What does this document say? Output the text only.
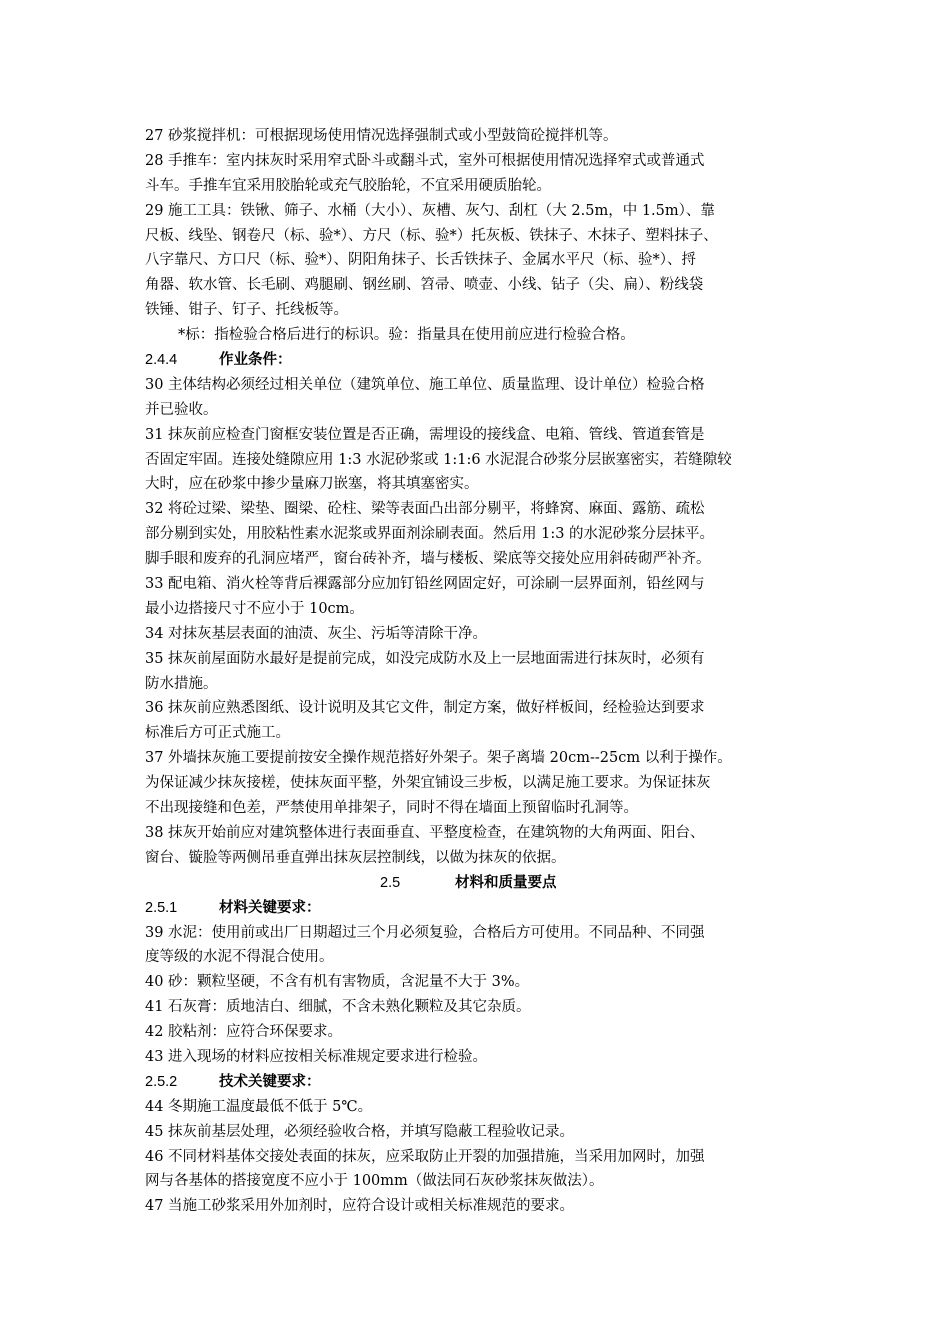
27 砂浆搅拌机：可根据现场使用情况选择强制式或小型鼓筒砼搅拌机等。
28 手推车：室内抹灰时采用窄式卧斗或翻斗式，室外可根据使用情况选择窄式或普通式
斗车。手推车宜采用胶胎轮或充气胶胎轮，不宜采用硬质胎轮。
29 施工工具：铁锹、筛子、水桶（大小）、灰槽、灰勺、刮杠（大 2.5m，中 1.5m）、靠
尺板、线坠、钢卷尺（标、验*）、方尺（标、验*）托灰板、铁抹子、木抹子、塑料抹子、
八字靠尺、方口尺（标、验*）、阴阳角抹子、长舌铁抹子、金属水平尺（标、验*）、捋
角器、软水管、长毛刷、鸡腿刷、钢丝刷、笤帚、喷壶、小线、钻子（尖、扁）、粉线袋
铁锤、钳子、钉子、托线板等。
*标：指检验合格后进行的标识。验：指量具在使用前应进行检验合格。
2.4.4	作业条件：
30 主体结构必须经过相关单位（建筑单位、施工单位、质量监理、设计单位）检验合格
并已验收。
31 抹灰前应检查门窗框安装位置是否正确，需埋设的接线盒、电箱、管线、管道套管是
否固定牢固。连接处缝隙应用 1:3 水泥砂浆或 1:1:6 水泥混合砂浆分层嵌塞密实，若缝隙较
大时，应在砂浆中掺少量麻刀嵌塞，将其填塞密实。
32 将砼过梁、梁垫、圈梁、砼柱、梁等表面凸出部分剔平，将蜂窝、麻面、露筋、疏松
部分剔到实处，用胶粘性素水泥浆或界面剂涂刷表面。然后用 1:3 的水泥砂浆分层抹平。
脚手眼和废弃的孔洞应堵严，窗台砖补齐，墙与楼板、梁底等交接处应用斜砖砌严补齐。
33 配电箱、消火栓等背后裸露部分应加钉铅丝网固定好，可涂刷一层界面剂，铅丝网与
最小边搭接尺寸不应小于 10cm。
34 对抹灰基层表面的油渍、灰尘、污垢等清除干净。
35 抹灰前屋面防水最好是提前完成，如没完成防水及上一层地面需进行抹灰时，必须有
防水措施。
36 抹灰前应熟悉图纸、设计说明及其它文件，制定方案，做好样板间，经检验达到要求
标准后方可正式施工。
37 外墙抹灰施工要提前按安全操作规范搭好外架子。架子离墙 20cm--25cm 以利于操作。
为保证减少抹灰接槎，使抹灰面平整，外架宜铺设三步板，以满足施工要求。为保证抹灰
不出现接缝和色差，严禁使用单排架子，同时不得在墙面上预留临时孔洞等。
38 抹灰开始前应对建筑整体进行表面垂直、平整度检查，在建筑物的大角两面、阳台、
窗台、镟脸等两侧吊垂直弹出抹灰层控制线，以做为抹灰的依据。
2.5	材料和质量要点
2.5.1	材料关键要求：
39 水泥：使用前或出厂日期超过三个月必须复验，合格后方可使用。不同品种、不同强
度等级的水泥不得混合使用。
40 砂：颗粒坚硬，不含有机有害物质，含泥量不大于 3%。
41 石灰膏：质地洁白、细腻，不含未熟化颗粒及其它杂质。
42 胶粘剂：应符合环保要求。
43 进入现场的材料应按相关标准规定要求进行检验。
2.5.2	技术关键要求：
44 冬期施工温度最低不低于 5℃。
45 抹灰前基层处理，必须经验收合格，并填写隐蔽工程验收记录。
46 不同材料基体交接处表面的抹灰，应采取防止开裂的加强措施，当采用加网时，加强
网与各基体的搭接宽度不应小于 100mm（做法同石灰砂浆抹灰做法）。
47 当施工砂浆采用外加剂时，应符合设计或相关标准规范的要求。
